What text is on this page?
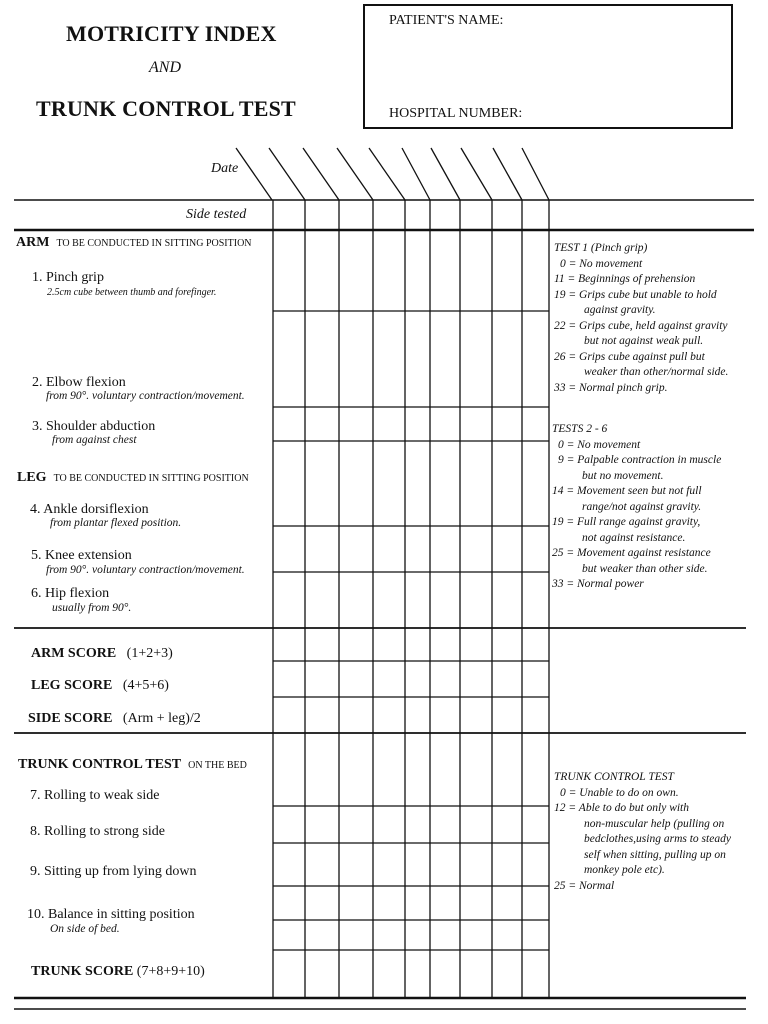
MOTRICITY INDEX
AND
TRUNK CONTROL TEST
PATIENT'S NAME:
HOSPITAL NUMBER:
Date
Side tested
ARM TO BE CONDUCTED IN SITTING POSITION
1. Pinch grip
2.5cm cube between thumb and forefinger.
2. Elbow flexion
from 90°. voluntary contraction/movement.
3. Shoulder abduction
from against chest
LEG TO BE CONDUCTED IN SITTING POSITION
4. Ankle dorsiflexion
from plantar flexed position.
5. Knee extension
from 90°. voluntary contraction/movement.
6. Hip flexion
usually from 90°.
ARM SCORE (1+2+3)
LEG SCORE (4+5+6)
SIDE SCORE (Arm + leg)/2
TRUNK CONTROL TEST ON THE BED
7. Rolling to weak side
8. Rolling to strong side
9. Sitting up from lying down
10. Balance in sitting position
On side of bed.
TRUNK SCORE (7+8+9+10)
TEST 1 (Pinch grip)
0 = No movement
11 = Beginnings of prehension
19 = Grips cube but unable to hold
against gravity.
22 = Grips cube, held against gravity
but not against weak pull.
26 = Grips cube against pull but
weaker than other/normal side.
33 = Normal pinch grip.
TESTS 2 - 6
0 = No movement
9 = Palpable contraction in muscle
but no movement.
14 = Movement seen but not full
range/not against gravity.
19 = Full range against gravity,
not against resistance.
25 = Movement against resistance
but weaker than other side.
33 = Normal power
TRUNK CONTROL TEST
0 = Unable to do on own.
12 = Able to do but only with
non-muscular help (pulling on
bedclothes,using arms to steady
self when sitting, pulling up on
monkey pole etc).
25 = Normal
